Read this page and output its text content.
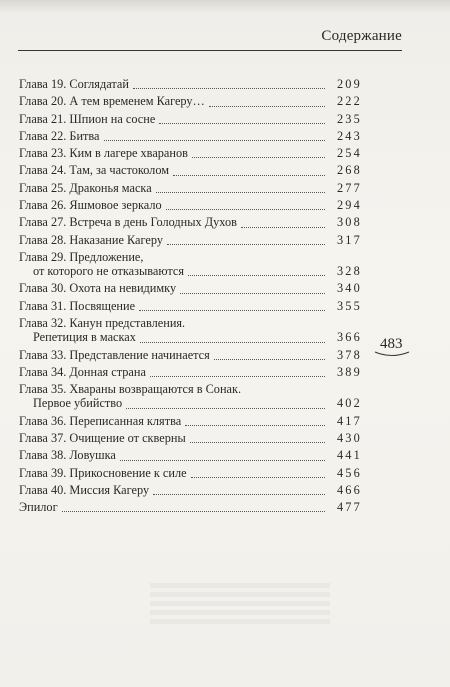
Содержание
Глава 19. Соглядатай	209
Глава 20. А тем временем Кагеру…	222
Глава 21. Шпион на сосне	235
Глава 22. Битва	243
Глава 23. Ким в лагере хваранов	254
Глава 24. Там, за частоколом	268
Глава 25. Драконья маска	277
Глава 26. Яшмовое зеркало	294
Глава 27. Встреча в день Голодных Духов	308
Глава 28. Наказание Кагеру	317
Глава 29. Предложение,
от которого не отказываются	328
Глава 30. Охота на невидимку	340
Глава 31. Посвящение	355
Глава 32. Канун представления.
Репетиция в масках	366
Глава 33. Представление начинается	378
Глава 34. Донная страна	389
Глава 35. Хвараны возвращаются в Сонак.
Первое убийство	402
Глава 36. Переписанная клятва	417
Глава 37. Очищение от скверны	430
Глава 38. Ловушка	441
Глава 39. Прикосновение к силе	456
Глава 40. Миссия Кагеру	466
Эпилог	477
483
